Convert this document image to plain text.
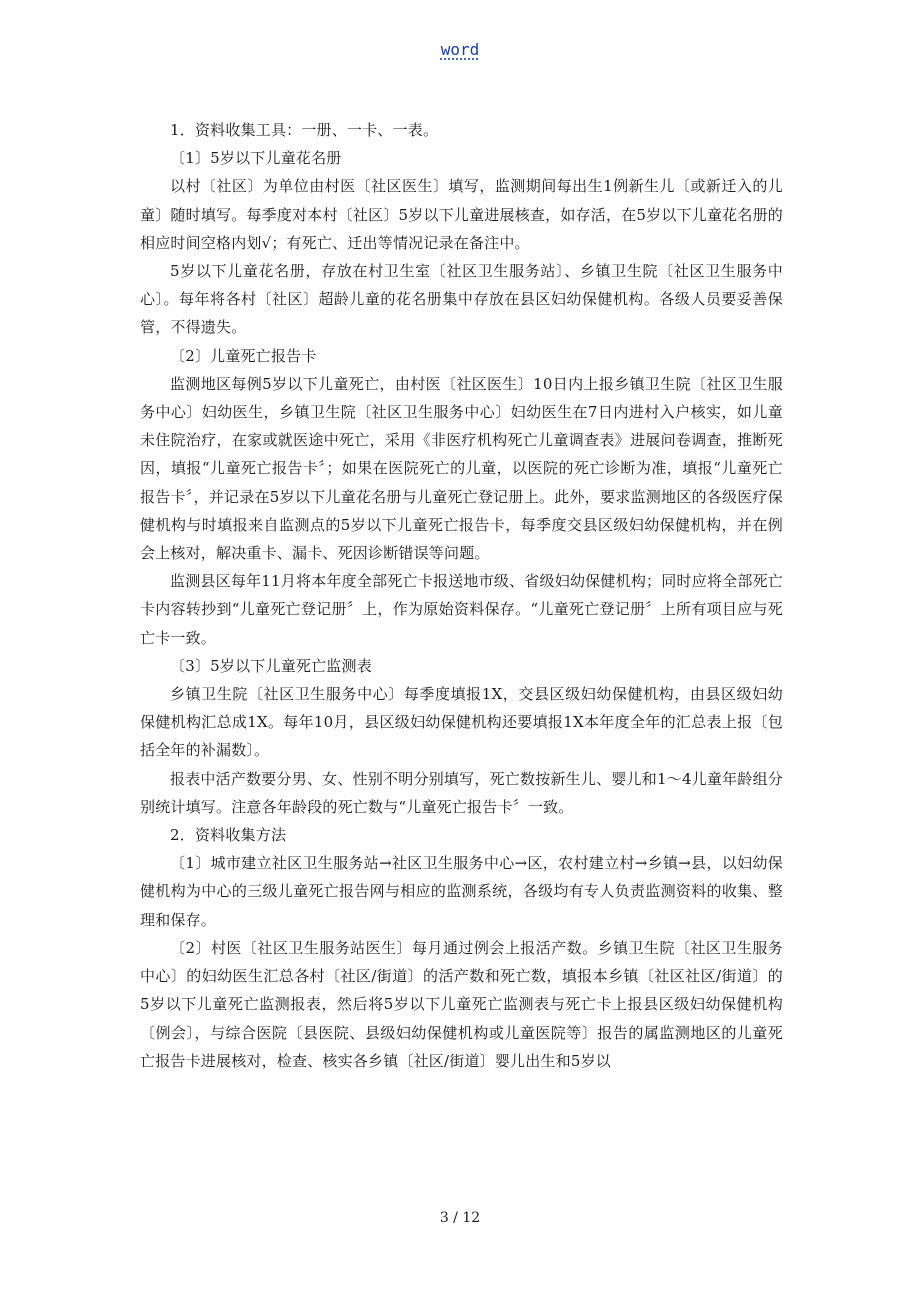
word

1．资料收集工具：一册、一卡、一表。

〔1〕5岁以下儿童花名册

以村〔社区〕为单位由村医〔社区医生〕填写，监测期间每出生1例新生儿〔或新迁入的儿童〕随时填写。每季度对本村〔社区〕5岁以下儿童进展核查，如存活，在5岁以下儿童花名册的相应时间空格内划√；有死亡、迁出等情况记录在备注中。

5岁以下儿童花名册，存放在村卫生室〔社区卫生服务站〕、乡镇卫生院〔社区卫生服务中心〕。每年将各村〔社区〕超龄儿童的花名册集中存放在县区妇幼保健机构。各级人员要妥善保管，不得遗失。

〔2〕儿童死亡报告卡

监测地区每例5岁以下儿童死亡，由村医〔社区医生〕10日内上报乡镇卫生院〔社区卫生服务中心〕妇幼医生，乡镇卫生院〔社区卫生服务中心〕妇幼医生在7日内进村入户核实，如儿童未住院治疗，在家或就医途中死亡，采用《非医疗机构死亡儿童调查表》进展问卷调查，推断死因，填报“儿童死亡报告卡〞；如果在医院死亡的儿童，以医院的死亡诊断为准，填报“儿童死亡报告卡〞，并记录在5岁以下儿童花名册与儿童死亡登记册上。此外，要求监测地区的各级医疗保健机构与时填报来自监测点的5岁以下儿童死亡报告卡，每季度交县区级妇幼保健机构，并在例会上核对，解决重卡、漏卡、死因诊断错误等问题。

监测县区每年11月将本年度全部死亡卡报送地市级、省级妇幼保健机构；同时应将全部死亡卡内容转抄到“儿童死亡登记册〞上，作为原始资料保存。“儿童死亡登记册〞上所有项目应与死亡卡一致。

〔3〕5岁以下儿童死亡监测表

乡镇卫生院〔社区卫生服务中心〕每季度填报1X，交县区级妇幼保健机构，由县区级妇幼保健机构汇总成1X。每年10月，县区级妇幼保健机构还要填报1X本年度全年的汇总表上报〔包括全年的补漏数〕。

报表中活产数要分男、女、性别不明分别填写，死亡数按新生儿、婴儿和1～4儿童年龄组分别统计填写。注意各年龄段的死亡数与“儿童死亡报告卡〞一致。

2．资料收集方法

〔1〕城市建立社区卫生服务站→社区卫生服务中心→区，农村建立村→乡镇→县，以妇幼保健机构为中心的三级儿童死亡报告网与相应的监测系统，各级均有专人负责监测资料的收集、整理和保存。

〔2〕村医〔社区卫生服务站医生〕每月通过例会上报活产数。乡镇卫生院〔社区卫生服务中心〕的妇幼医生汇总各村〔社区/街道〕的活产数和死亡数，填报本乡镇〔社区社区/街道〕的5岁以下儿童死亡监测报表，然后将5岁以下儿童死亡监测表与死亡卡上报县区级妇幼保健机构〔例会〕，与综合医院〔县医院、县级妇幼保健机构或儿童医院等〕报告的属监测地区的儿童死亡报告卡进展核对，检查、核实各乡镇〔社区/街道〕婴儿出生和5岁以

3 / 12
